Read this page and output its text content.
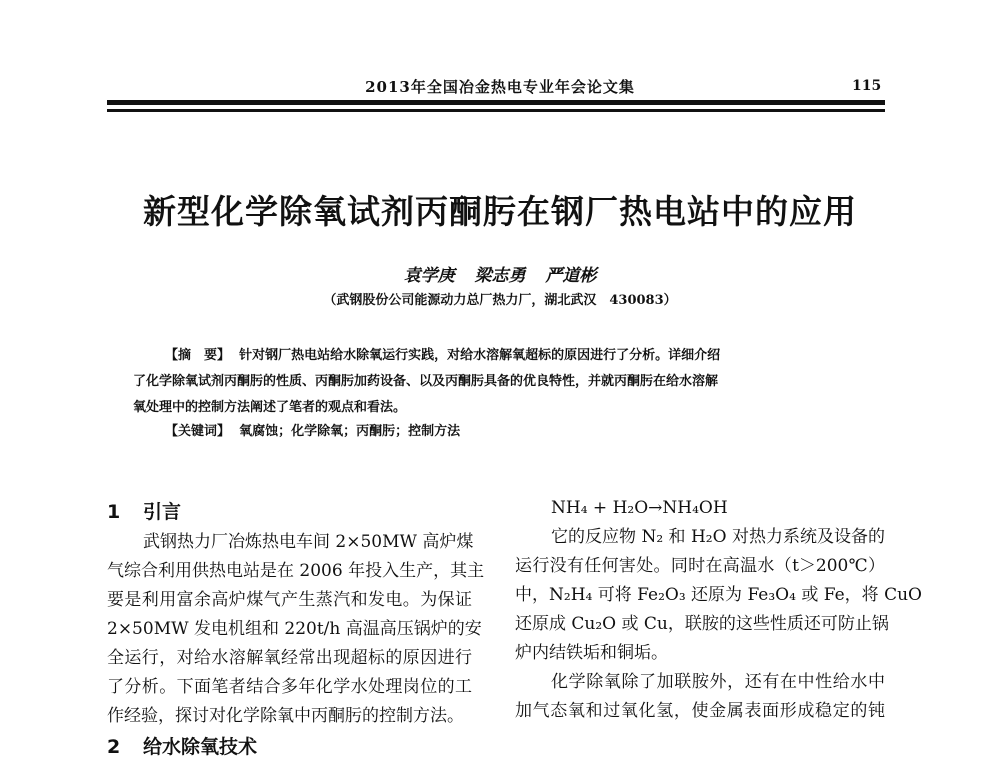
2013年全国冶金热电专业年会论文集	115
新型化学除氧试剂丙酮肟在钢厂热电站中的应用
袁学庚 梁志勇 严道彬
（武钢股份公司能源动力总厂热力厂，湖北武汉　430083）
【摘　要】 针对钢厂热电站给水除氧运行实践，对给水溶解氧超标的原因进行了分析。详细介绍
了化学除氧试剂丙酮肟的性质、丙酮肟加药设备、以及丙酮肟具备的优良特性，并就丙酮肟在给水溶解
氧处理中的控制方法阐述了笔者的观点和看法。
【关键词】 氧腐蚀；化学除氧；丙酮肟；控制方法
1 引言
武钢热力厂冶炼热电车间 2×50MW 高炉煤
气综合利用供热电站是在 2006 年投入生产，其主
要是利用富余高炉煤气产生蒸汽和发电。为保证
2×50MW 发电机组和 220t/h 高温高压锅炉的安
全运行，对给水溶解氧经常出现超标的原因进行
了分析。下面笔者结合多年化学水处理岗位的工
作经验，探讨对化学除氧中丙酮肟的控制方法。
2 给水除氧技术
NH₄ + H₂O→NH₄OH
它的反应物 N₂ 和 H₂O 对热力系统及设备的
运行没有任何害处。同时在高温水（t＞200℃）
中，N₂H₄ 可将 Fe₂O₃ 还原为 Fe₃O₄ 或 Fe，将 CuO
还原成 Cu₂O 或 Cu，联胺的这些性质还可防止锅
炉内结铁垢和铜垢。
化学除氧除了加联胺外，还有在中性给水中
加气态氧和过氧化氢，使金属表面形成稳定的钝
